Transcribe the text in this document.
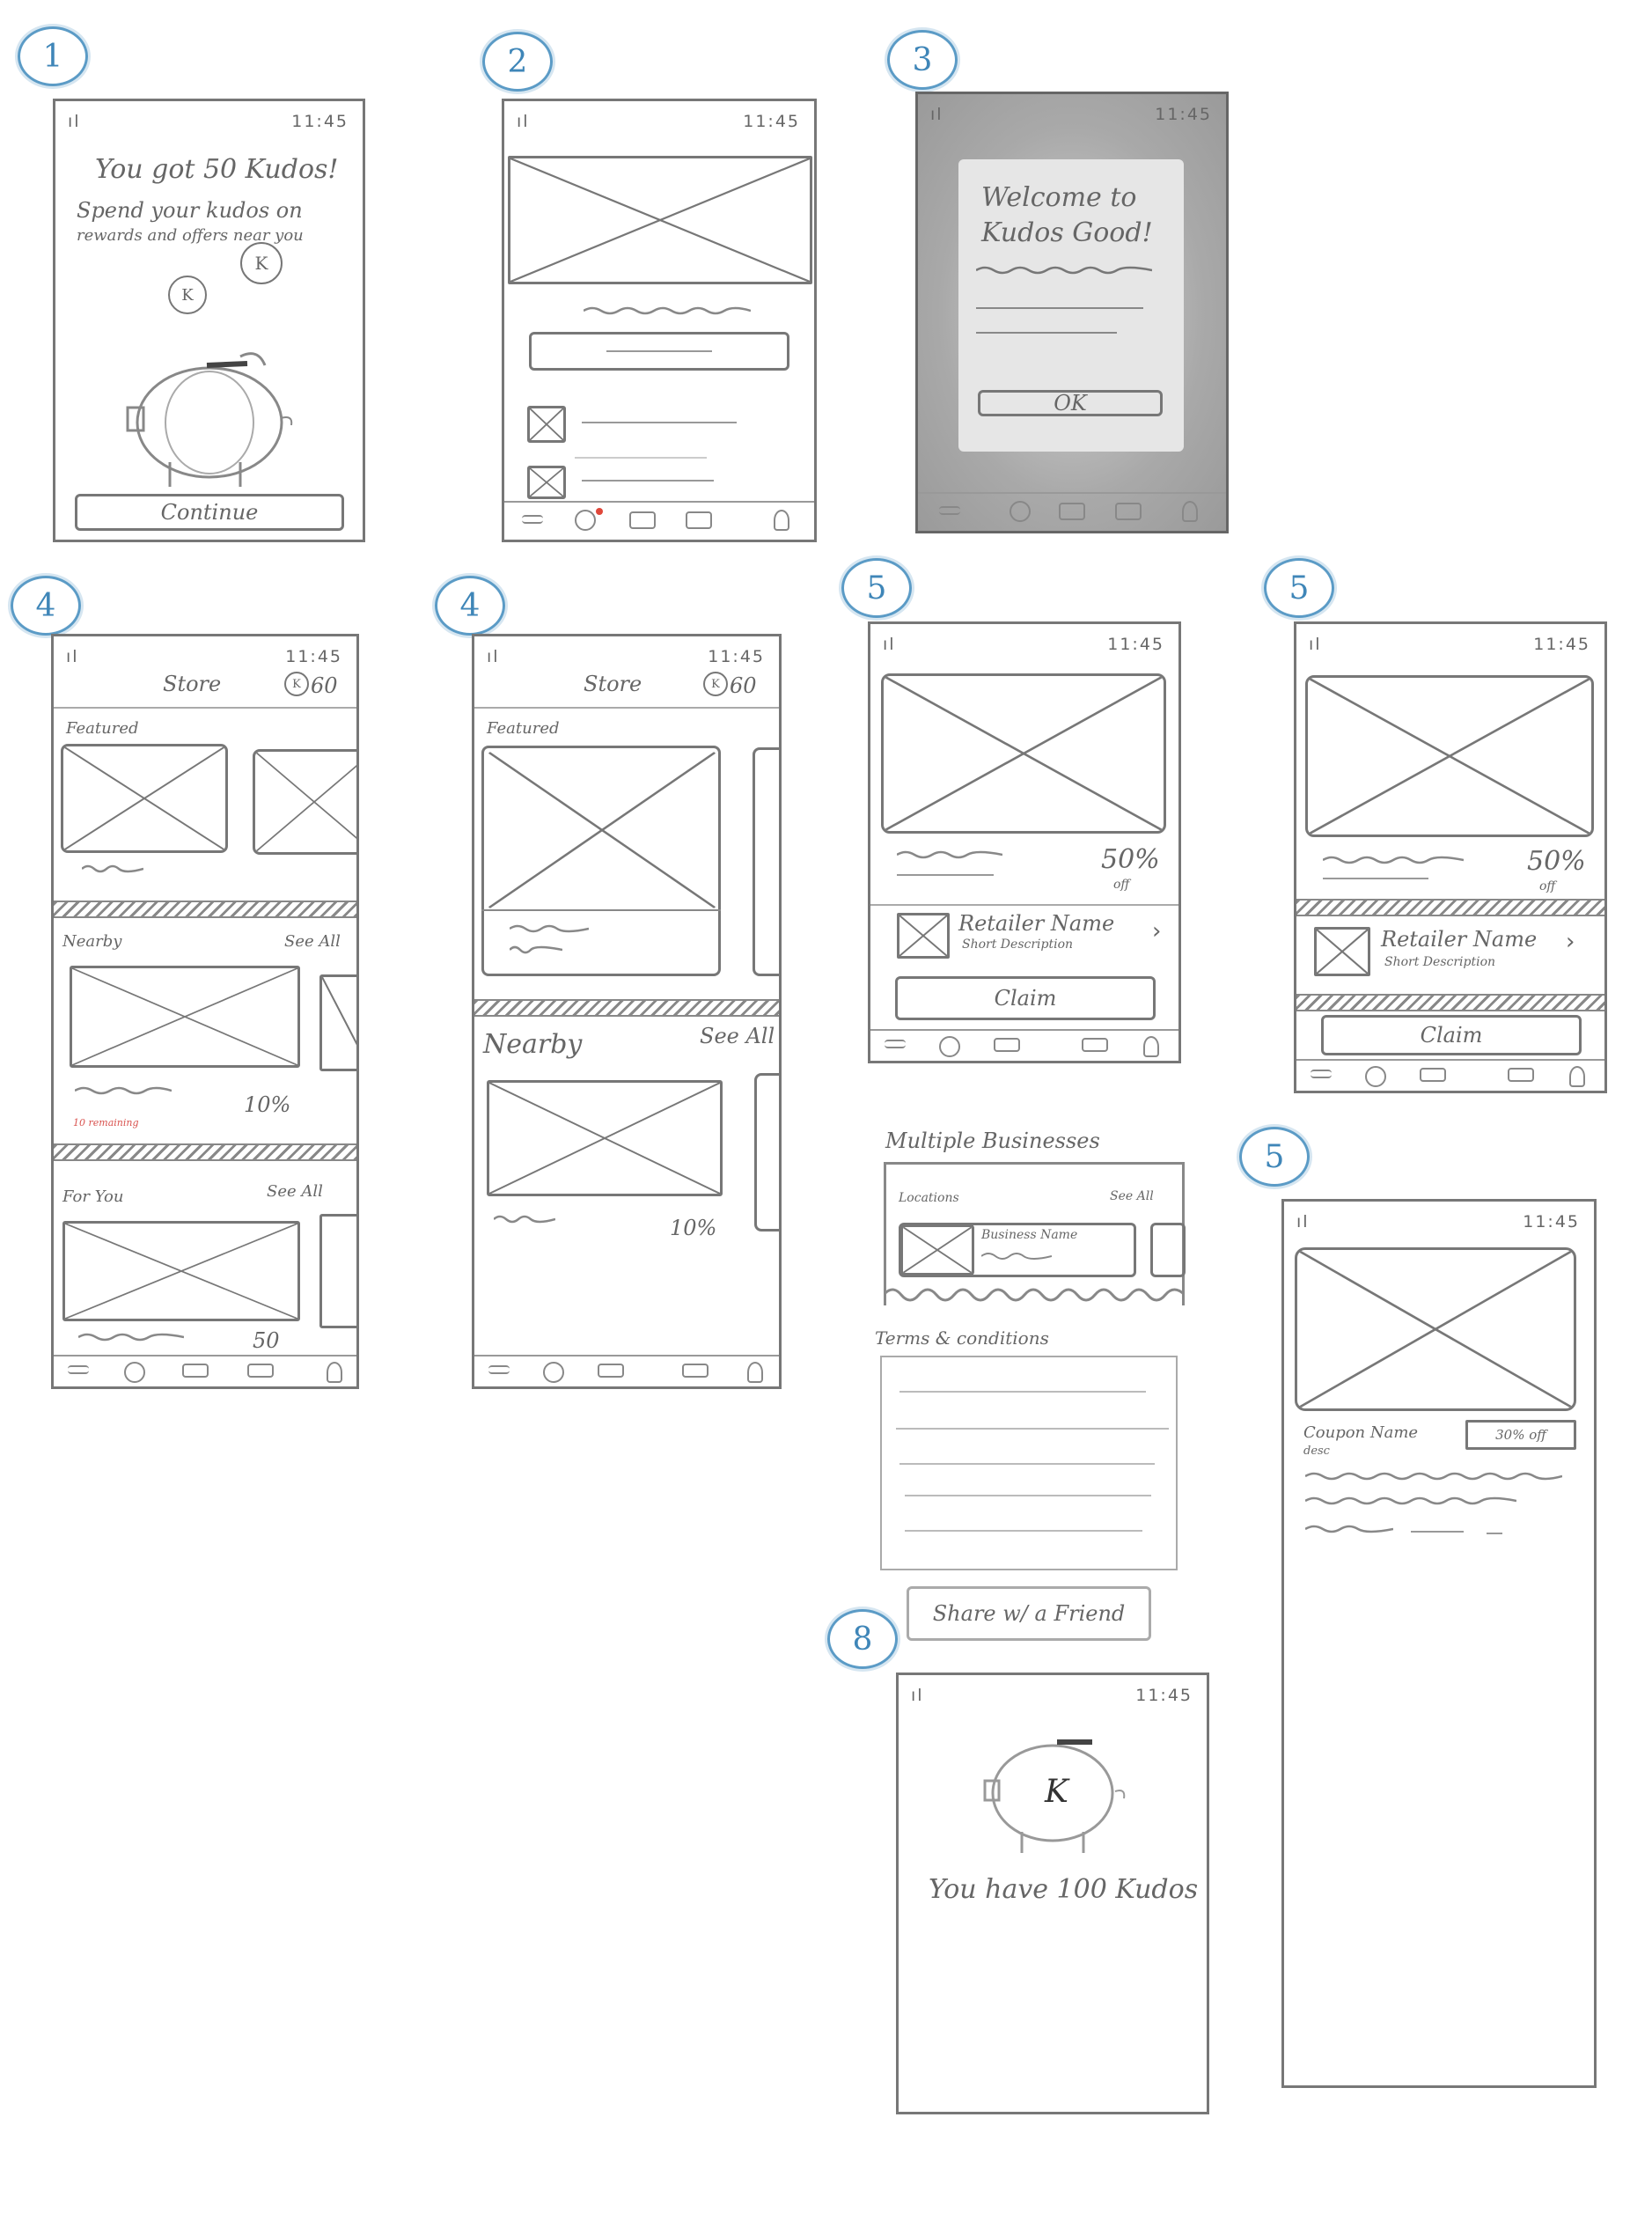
1	2	3
ıl	11:45
You got 50 Kudos!
Spend your kudos on
rewards and offers near you
K
K
Continue
ıl	11:45	ıl	11:45
Welcome to Kudos Good!
OK
4	4	5	5
ıl	11:45
Store	K 60
Featured
Nearby	See All
10%
10 remaining
For You	See All
50
ıl	11:45
Store	K 60
Featured
Nearby	See All
10%
ıl	11:45
50%
off
Retailer Name
Short Description	›
Claim
ıl	11:45
50%
off
Retailer Name
Short Description
›
Claim
Multiple Businesses
Locations	See All
Business Name
Terms & conditions
Share w/ a Friend
5
ıl	11:45
Coupon Name
desc
30% off
8
ıl	11:45
K
You have 100 Kudos
